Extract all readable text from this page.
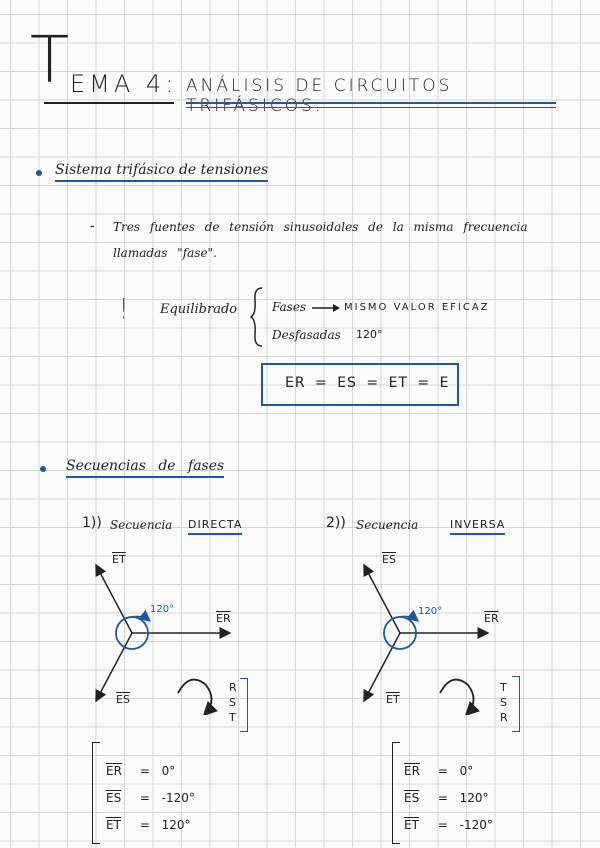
T EMA 4: ANÁLISIS DE CIRCUITOS TRIFÁSICOS.
Sistema trifásico de tensiones
- Tres fuentes de tensión sinusoidales de la misma frecuencia
llamadas "fase".
! Equilibrado	Fases	MISMO VALOR EFICAZ
Desfasadas 120°
ER = ES = ET = E
Secuencias de fases
1)) Secuencia DIRECTA	2)) Secuencia	INVERSA
120°
$\overline{ET}$
$\overline{ER}$
$\overline{ES}$
R
S
T
120°
$\overline{ES}$
$\overline{ER}$
$\overline{ET}$
T
S
R
$\overline{ER} = 0^\circ$
$\overline{ES} = -120^\circ$
$\overline{ET} = 120^\circ$
$\overline{ER} = 0^\circ$
$\overline{ES} = 120^\circ$
$\overline{ET} = -120^\circ$
